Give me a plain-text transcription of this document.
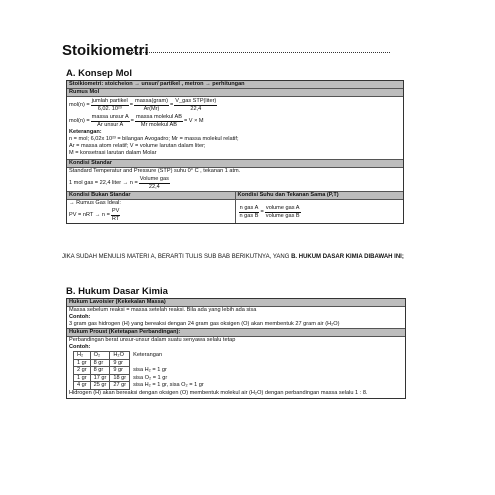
Stoikiometri
A. Konsep Mol
Stoikiometri: stoicheion → unsur/ partikel , metron → perhitungan
Rumus Mol
$mol(n) = \frac{\text{jumlah partikel}}{\text{6,02. 10²³}} = \frac{\text{massa(gram)}}{Ar(Mr)} = \frac{\text{V\_gas STP(liter)}}{22,4}$
$mol(n) = \frac{\text{massa unsur A}}{\text{Ar unsur A}} = \frac{\text{massa molekul AB}}{\text{Mr molekul AB}} = V \times M$
Keterangan:
n = mol; 6,02x 10²³ = bilangan Avogadro; Mr = massa molekul relatif;
Ar = massa atom relatif; V = volume larutan dalam liter;
M = konsetrasi larutan dalam Molar
Kondisi Standar
Standard Temperatur and Pressure (STP) suhu 0° C , tekanan 1 atm.
1 mol gas = 22,4 liter → $n = \frac{\text{Volume gas}}{22,4}$
Kondisi Bukan Standar
→ Rumus Gas Ideal:
PV = nRT → $n = \frac{PV}{RT}$
Kondisi Suhu dan Tekanan Sama (P,T)
$\frac{\text{n gas A}}{\text{n gas B}} = \frac{\text{volume gas A}}{\text{volume gas B}}$
JIKA SUDAH MENULIS MATERI A, BERARTI TULIS SUB BAB BERIKUTNYA, YANG B. HUKUM DASAR KIMIA DIBAWAH INI;
B. Hukum Dasar Kimia
Hukum Lavoisier (Kekekalan Massa)
Massa sebelum reaksi = massa setelah reaksi. Bila ada yang lebih ada sisa
Contoh:
3 gram gas hidrogen (H) yang bereaksi dengan 24 gram gas oksigen (O) akan membentuk 27 gram air (H₂O)
Hukum Proust (Ketetapan Perbandingan):
Perbandingan berat unsur-unsur dalam suatu senyawa selalu tetap
Contoh:
H₂	O₂	H₂O	Keterangan
1 gr	8 gr	9 gr	
2 gr	8 gr	9 gr	sisa H₂ = 1 gr
1 gr	17 gr	18 gr	sisa O₂ = 1 gr
4 gr	25 gr	27 gr	sisa H₂ = 1 gr, sisa O₂ = 1 gr
Hidrogen (H) akan bereaksi dengan oksigen (O) membentuk molekul air (H₂O) dengan perbandingan massa selalu 1 : 8.
